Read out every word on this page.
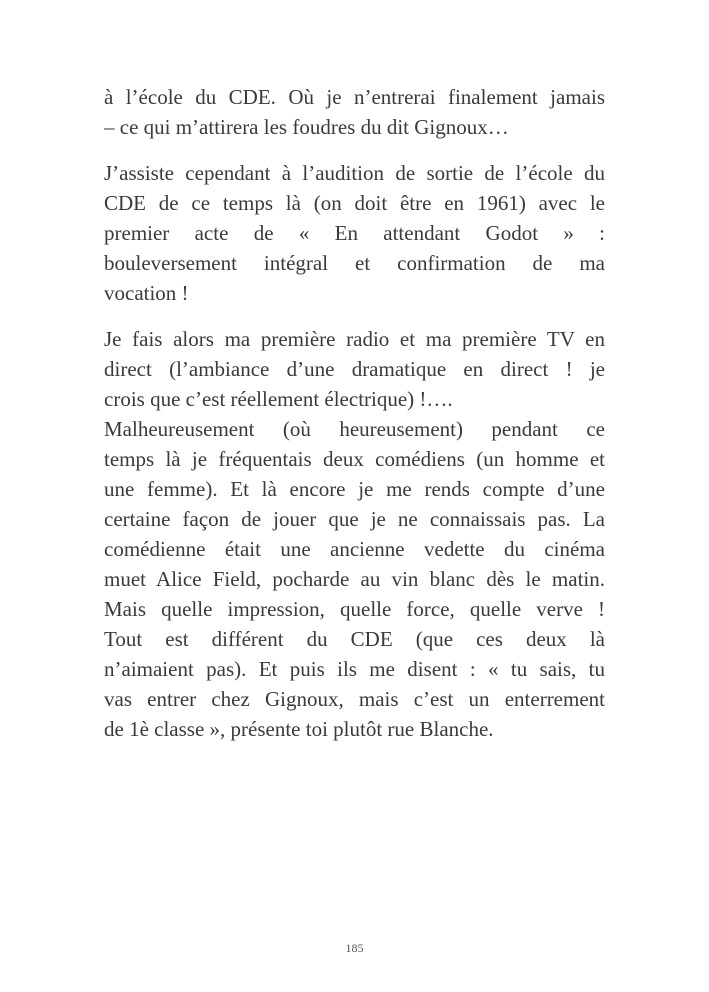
à l’école du CDE. Où je n’entrerai finalement jamais
– ce qui m’attirera les foudres du dit Gignoux…
J’assiste cependant à l’audition de sortie de l’école du
CDE de ce temps là (on doit être en 1961) avec le
premier acte de « En attendant Godot » :
bouleversement intégral et confirmation de ma
vocation !
Je fais alors ma première radio et ma première TV en
direct (l’ambiance d’une dramatique en direct ! je
crois que c’est réellement électrique) !….
Malheureusement (où heureusement) pendant ce
temps là je fréquentais deux comédiens (un homme et
une femme). Et là encore je me rends compte d’une
certaine façon de jouer que je ne connaissais pas. La
comédienne était une ancienne vedette du cinéma
muet Alice Field, pocharde au vin blanc dès le matin.
Mais quelle impression, quelle force, quelle verve !
Tout est différent du CDE (que ces deux là
n’aimaient pas). Et puis ils me disent : « tu sais, tu
vas entrer chez Gignoux, mais c’est un enterrement
de 1è classe », présente toi plutôt rue Blanche.
185
